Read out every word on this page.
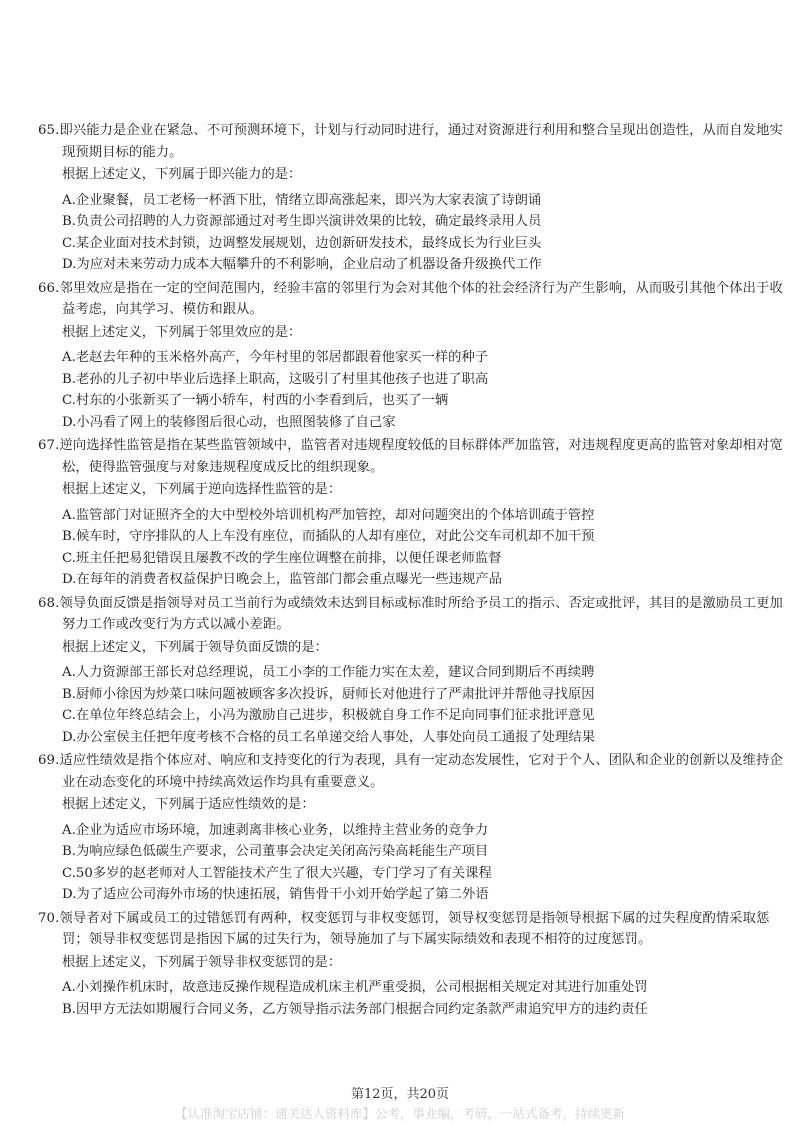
65.即兴能力是企业在紧急、不可预测环境下，计划与行动同时进行，通过对资源进行利用和整合呈现出创造性，从而自发地实现预期目标的能力。
根据上述定义，下列属于即兴能力的是：
A.企业聚餐，员工老杨一杯酒下肚，情绪立即高涨起来，即兴为大家表演了诗朗诵
B.负责公司招聘的人力资源部通过对考生即兴演讲效果的比较，确定最终录用人员
C.某企业面对技术封锁，边调整发展规划，边创新研发技术，最终成长为行业巨头
D.为应对未来劳动力成本大幅攀升的不利影响，企业启动了机器设备升级换代工作
66.邻里效应是指在一定的空间范围内，经验丰富的邻里行为会对其他个体的社会经济行为产生影响，从而吸引其他个体出于收益考虑，向其学习、模仿和跟从。
根据上述定义，下列属于邻里效应的是：
A.老赵去年种的玉米格外高产，今年村里的邻居都跟着他家买一样的种子
B.老孙的儿子初中毕业后选择上职高，这吸引了村里其他孩子也进了职高
C.村东的小张新买了一辆小轿车，村西的小李看到后，也买了一辆
D.小冯看了网上的装修图后很心动，也照图装修了自己家
67.逆向选择性监管是指在某些监管领域中，监管者对违规程度较低的目标群体严加监管，对违规程度更高的监管对象却相对宽松，使得监管强度与对象违规程度成反比的组织现象。
根据上述定义，下列属于逆向选择性监管的是：
A.监管部门对证照齐全的大中型校外培训机构严加管控，却对问题突出的个体培训疏于管控
B.候车时，守序排队的人上车没有座位，而插队的人却有座位，对此公交车司机却不加干预
C.班主任把易犯错误且屡教不改的学生座位调整在前排，以便任课老师监督
D.在每年的消费者权益保护日晚会上，监管部门都会重点曝光一些违规产品
68.领导负面反馈是指领导对员工当前行为或绩效未达到目标或标准时所给予员工的指示、否定或批评，其目的是激励员工更加努力工作或改变行为方式以减小差距。
根据上述定义，下列属于领导负面反馈的是：
A.人力资源部王部长对总经理说，员工小李的工作能力实在太差，建议合同到期后不再续聘
B.厨师小徐因为炒菜口味问题被顾客多次投诉，厨师长对他进行了严肃批评并帮他寻找原因
C.在单位年终总结会上，小冯为激励自己进步，积极就自身工作不足向同事们征求批评意见
D.办公室侯主任把年度考核不合格的员工名单递交给人事处，人事处向员工通报了处理结果
69.适应性绩效是指个体应对、响应和支持变化的行为表现，具有一定动态发展性，它对于个人、团队和企业的创新以及维持企业在动态变化的环境中持续高效运作均具有重要意义。
根据上述定义，下列属于适应性绩效的是：
A.企业为适应市场环境，加速剥离非核心业务，以维持主营业务的竞争力
B.为响应绿色低碳生产要求，公司董事会决定关闭高污染高耗能生产项目
C.50多岁的赵老师对人工智能技术产生了很大兴趣，专门学习了有关课程
D.为了适应公司海外市场的快速拓展，销售骨干小刘开始学起了第二外语
70.领导者对下属或员工的过错惩罚有两种，权变惩罚与非权变惩罚，领导权变惩罚是指领导根据下属的过失程度酌情采取惩罚；领导非权变惩罚是指因下属的过失行为，领导施加了与下属实际绩效和表现不相符的过度惩罚。
根据上述定义，下列属于领导非权变惩罚的是：
A.小刘操作机床时，故意违反操作规程造成机床主机严重受损，公司根据相关规定对其进行加重处罚
B.因甲方无法如期履行合同义务，乙方领导指示法务部门根据合同约定条款严肃追究甲方的违约责任
第12页，共20页
【认准淘宝店铺：通关达人资料库】公考，事业编，考研，一站式备考，持续更新
